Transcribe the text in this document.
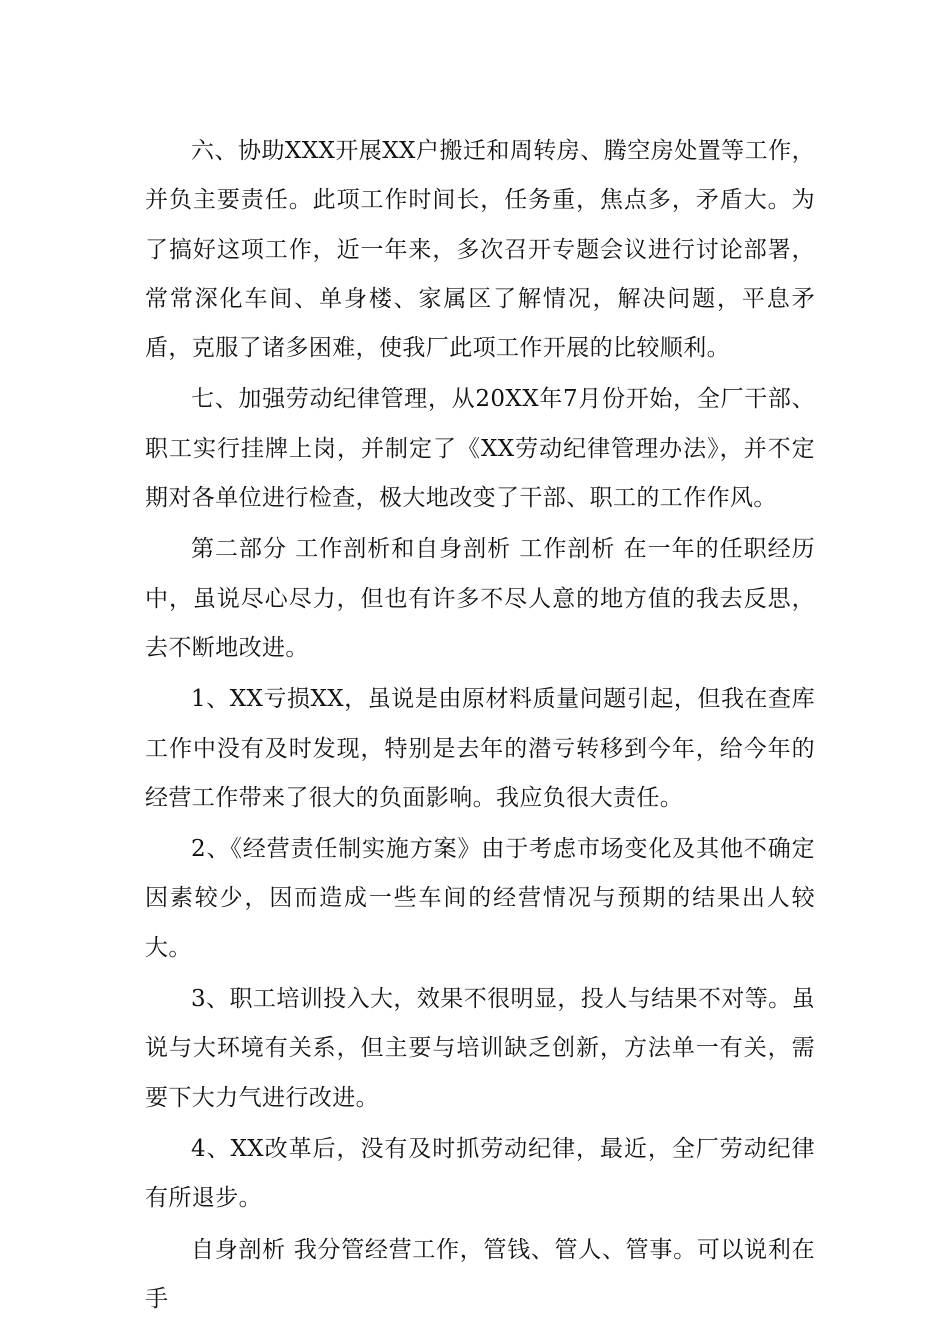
六、协助XXX开展XX户搬迁和周转房、腾空房处置等工作，并负主要责任。此项工作时间长，任务重，焦点多，矛盾大。为了搞好这项工作，近一年来，多次召开专题会议进行讨论部署，常常深化车间、单身楼、家属区了解情况，解决问题，平息矛盾，克服了诸多困难，使我厂此项工作开展的比较顺利。

七、加强劳动纪律管理，从20XX年7月份开始，全厂干部、职工实行挂牌上岗，并制定了《XX劳动纪律管理办法》，并不定期对各单位进行检查，极大地改变了干部、职工的工作作风。

第二部分 工作剖析和自身剖析 工作剖析 在一年的任职经历中，虽说尽心尽力，但也有许多不尽人意的地方值的我去反思，去不断地改进。

1、XX亏损XX，虽说是由原材料质量问题引起，但我在查库工作中没有及时发现，特别是去年的潜亏转移到今年，给今年的经营工作带来了很大的负面影响。我应负很大责任。

2、《经营责任制实施方案》由于考虑市场变化及其他不确定因素较少，因而造成一些车间的经营情况与预期的结果出人较大。

3、职工培训投入大，效果不很明显，投人与结果不对等。虽说与大环境有关系，但主要与培训缺乏创新，方法单一有关，需要下大力气进行改进。

4、XX改革后，没有及时抓劳动纪律，最近，全厂劳动纪律有所退步。

自身剖析 我分管经营工作，管钱、管人、管事。可以说利在手
